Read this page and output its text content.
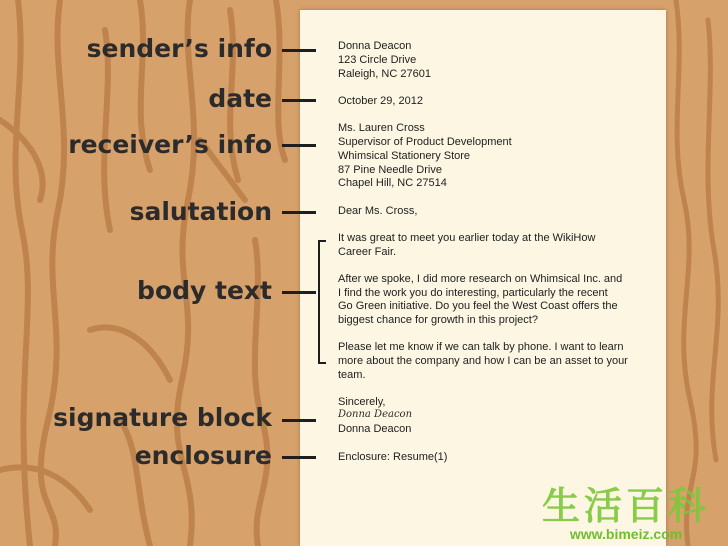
sender’s info
date
receiver’s info
salutation
body text
signature block
enclosure
Donna Deacon
123 Circle Drive
Raleigh, NC 27601
October 29, 2012
Ms. Lauren Cross
Supervisor of Product Development
Whimsical Stationery Store
87 Pine Needle Drive
Chapel Hill, NC 27514
Dear Ms. Cross,
It was great to meet you earlier today at the WikiHow
Career Fair.
After we spoke, I did more research on Whimsical Inc. and
I find the work you do interesting, particularly the recent
Go Green initiative. Do you feel the West Coast offers the
biggest chance for growth in this project?
Please let me know if we can talk by phone. I want to learn
more about the company and how I can be an asset to your
team.
Sincerely,
Donna Deacon
Donna Deacon
Enclosure: Resume(1)
生活百科
www.bimeiz.com
